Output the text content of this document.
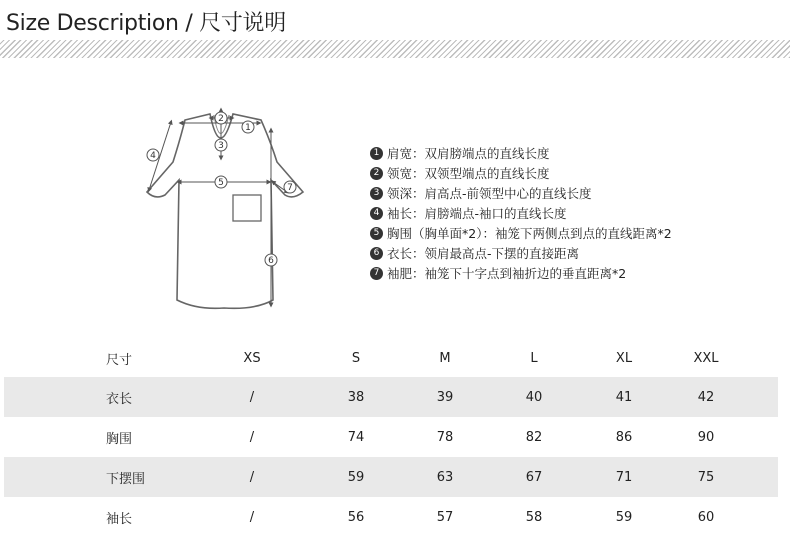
Size Description / 尺寸说明
1
2
3
4
5
6
7
1 肩宽：双肩膀端点的直线长度
2 领宽：双领型端点的直线长度
3 领深：肩高点-前领型中心的直线长度
4 袖长：肩膀端点-袖口的直线长度
5 胸围（胸单面*2）：袖笼下两侧点到点的直线距离*2
6 衣长：领肩最高点-下摆的直接距离
7 袖肥：袖笼下十字点到袖折边的垂直距离*2
尺寸	XS	S	M	L	XL	XXL
衣长	/	38	39	40	41	42
胸围	/	74	78	82	86	90
下摆围	/	59	63	67	71	75
袖长	/	56	57	58	59	60
